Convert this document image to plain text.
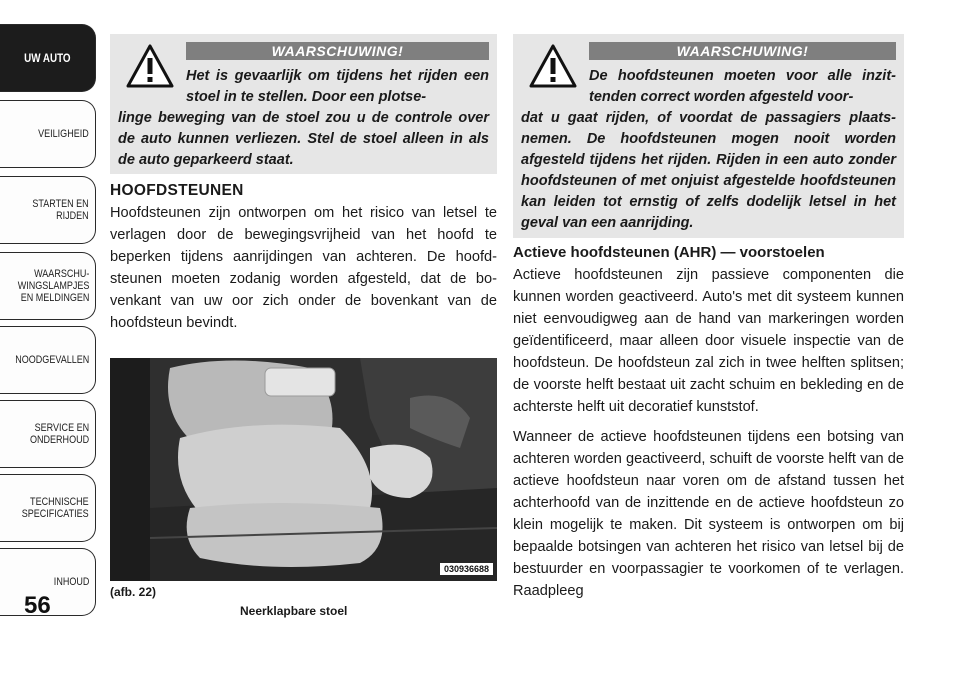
UW AUTO
VEILIGHEID
STARTEN EN
RIJDEN
WAARSCHU-
WINGSLAMPJES
EN MELDINGEN
NOODGEVALLEN
SERVICE EN
ONDERHOUD
TECHNISCHE
SPECIFICATIES
INHOUD
56
WAARSCHUWING!
Het is gevaarlijk om tijdens het rijden een stoel in te stellen. Door een plotse-
linge beweging van de stoel zou u de controle over de auto kunnen verliezen. Stel de stoel alleen in als de auto geparkeerd staat.
HOOFDSTEUNEN

Hoofdsteunen zijn ontworpen om het risico van letsel te verlagen door de bewegingsvrijheid van het hoofd te beperken tijdens aanrijdingen van achteren. De hoofdsteunen moeten zodanig worden afgesteld, dat de bovenkant van uw oor zich onder de bovenkant van de hoofdsteun bevindt.

030936688
(afb. 22)
Neerklapbare stoel
WAARSCHUWING!
De hoofdsteunen moeten voor alle inzittenden correct worden afgesteld voor-
dat u gaat rijden, of voordat de passagiers plaatsnemen. De hoofdsteunen mogen nooit worden afgesteld tijdens het rijden. Rijden in een auto zonder hoofdsteunen of met onjuist afgestelde hoofdsteunen kan leiden tot ernstig of zelfs dodelijk letsel in het geval van een aanrijding.
Actieve hoofdsteunen (AHR) — voorstoelen

Actieve hoofdsteunen zijn passieve componenten die kunnen worden geactiveerd. Auto's met dit systeem kunnen niet eenvoudigweg aan de hand van markeringen worden geïdentificeerd, maar alleen door visuele inspectie van de hoofdsteun. De hoofdsteun zal zich in twee helften splitsen; de voorste helft bestaat uit zacht schuim en bekleding en de achterste helft uit decoratief kunststof.

Wanneer de actieve hoofdsteunen tijdens een botsing van achteren worden geactiveerd, schuift de voorste helft van de actieve hoofdsteun naar voren om de afstand tussen het achterhoofd van de inzittende en de actieve hoofdsteun zo klein mogelijk te maken. Dit systeem is ontworpen om bij bepaalde botsingen van achteren het risico van letsel bij de bestuurder en voorpassagier te voorkomen of te verlagen. Raadpleeg
